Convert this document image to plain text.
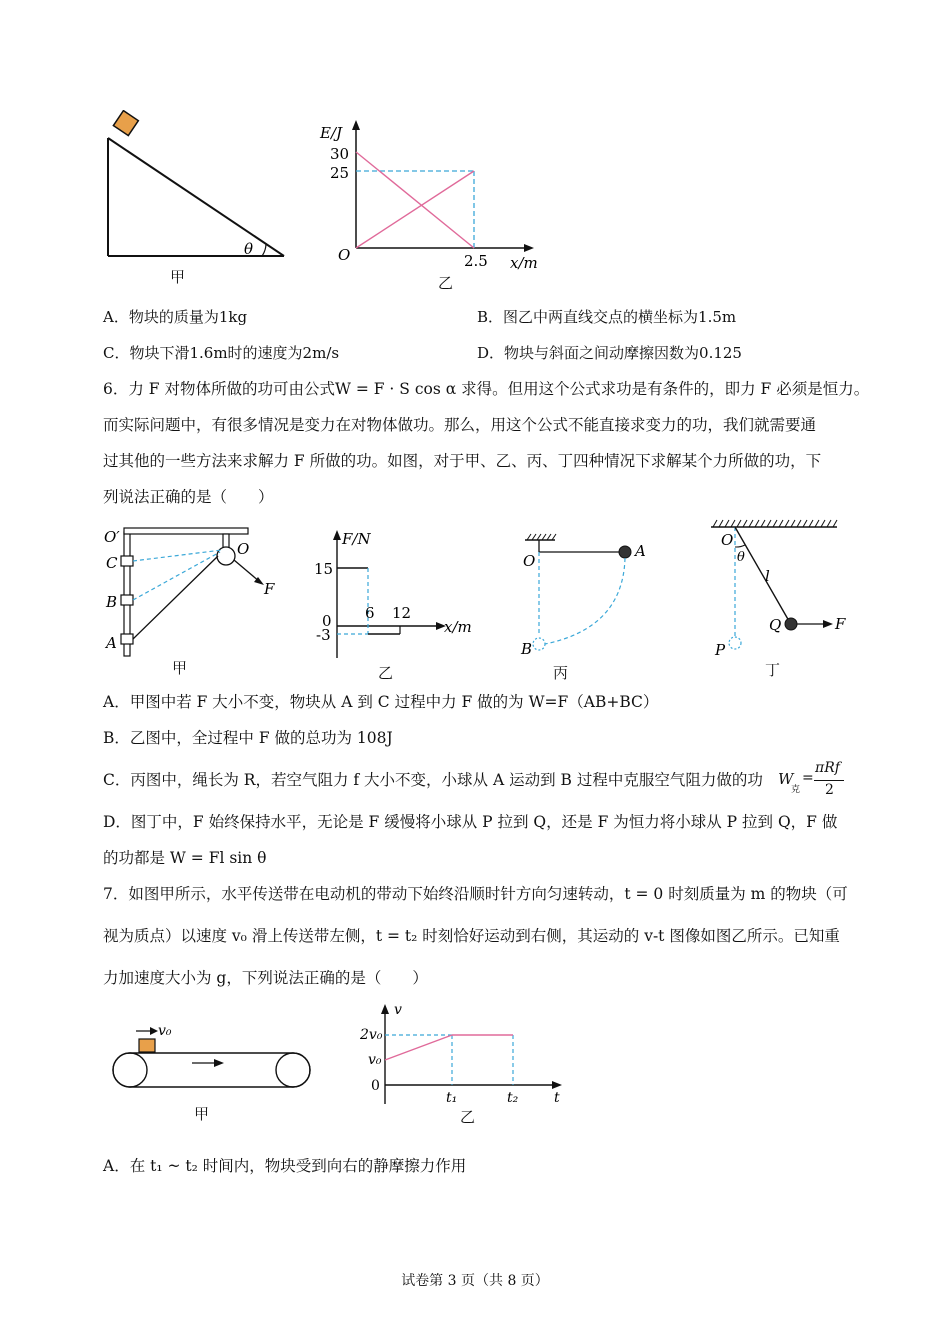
θ
甲
E/J
30
25
O	2.5 x/m
乙
A．物块的质量为1kg	B．图乙中两直线交点的横坐标为1.5m
C．物块下滑1.6m时的速度为2m/s	D．物块与斜面之间动摩擦因数为0.125
6．力 F 对物体所做的功可由公式W = F · S cos α 求得。但用这个公式求功是有条件的，即力 F 必须是恒力。
而实际问题中，有很多情况是变力在对物体做功。那么，用这个公式不能直接求变力的功，我们就需要通
过其他的一些方法来求解力 F 所做的功。如图，对于甲、乙、丙、丁四种情况下求解某个力所做的功，下
列说法正确的是（　　）
O′
C
B
A
O
F
甲
F/N
15
0
-3
6 12
x/m
乙
O
A
B
丙
O
θ
l
Q	F
P
丁
A．甲图中若 F 大小不变，物块从 A 到 C 过程中力 F 做的为 W=F（AB+BC）
B．乙图中，全过程中 F 做的总功为 108J
C．丙图中，绳长为 R，若空气阻力 f 大小不变，小球从 A 运动到 B 过程中克服空气阻力做的功 W
克
=
πRf
2
D．图丁中，F 始终保持水平，无论是 F 缓慢将小球从 P 拉到 Q，还是 F 为恒力将小球从 P 拉到 Q，F 做
的功都是 W = Fl sin θ
7．如图甲所示，水平传送带在电动机的带动下始终沿顺时针方向匀速转动，t = 0 时刻质量为 m 的物块（可
视为质点）以速度 v₀ 滑上传送带左侧，t = t₂ 时刻恰好运动到右侧，其运动的 v-t 图像如图乙所示。已知重
力加速度大小为 g，下列说法正确的是（　　）
v₀
甲
v
2v₀
v₀
0
t₁	t₂	t
乙
A．在 t₁ ~ t₂ 时间内，物块受到向右的静摩擦力作用
试卷第 3 页（共 8 页）
